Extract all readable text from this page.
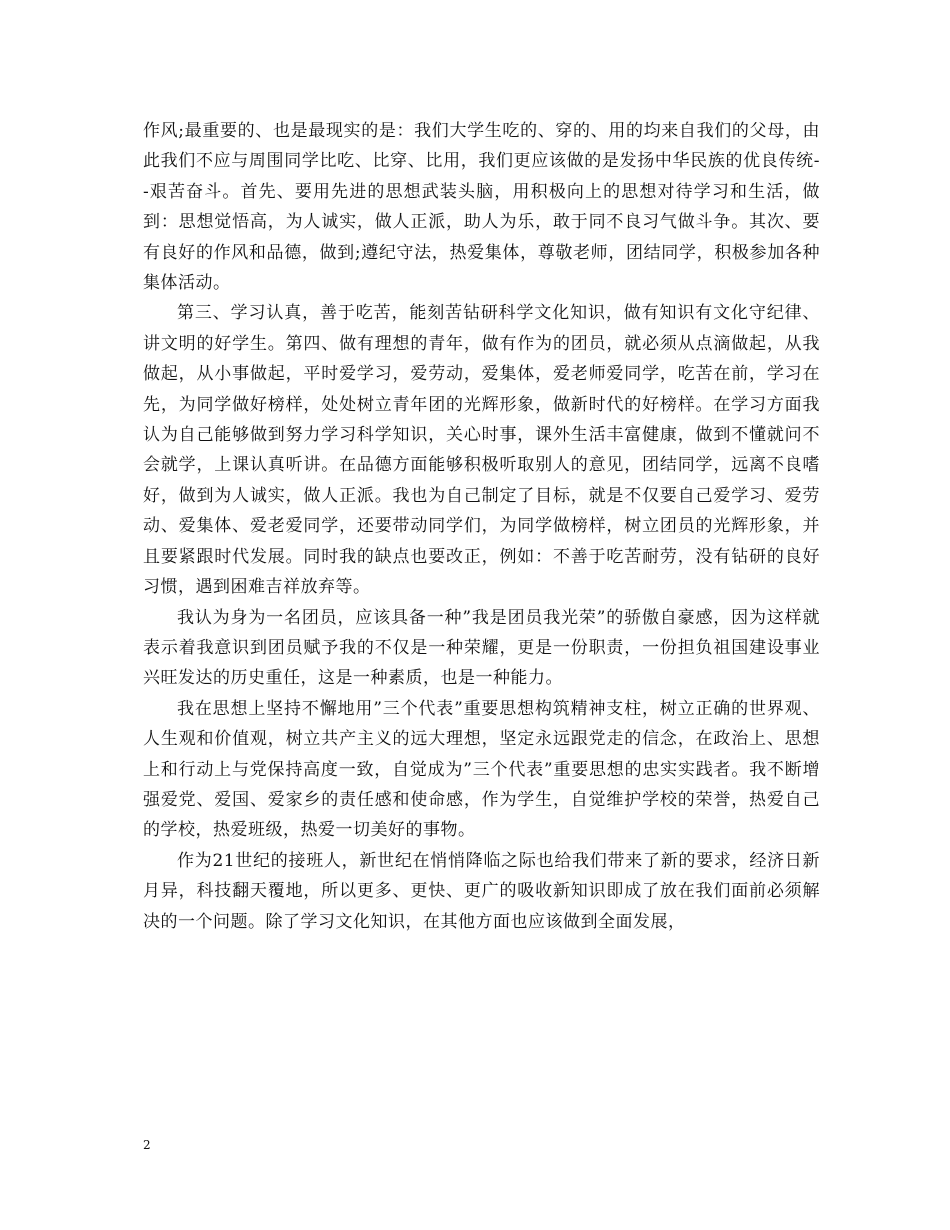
作风;最重要的、也是最现实的是：我们大学生吃的、穿的、用的均来自我们的父母，由此我们不应与周围同学比吃、比穿、比用，我们更应该做的是发扬中华民族的优良传统--艰苦奋斗。首先、要用先进的思想武装头脑，用积极向上的思想对待学习和生活，做到：思想觉悟高，为人诚实，做人正派，助人为乐，敢于同不良习气做斗争。其次、要有良好的作风和品德，做到;遵纪守法，热爱集体，尊敬老师，团结同学，积极参加各种集体活动。

第三、学习认真，善于吃苦，能刻苦钻研科学文化知识，做有知识有文化守纪律、讲文明的好学生。第四、做有理想的青年，做有作为的团员，就必须从点滴做起，从我做起，从小事做起，平时爱学习，爱劳动，爱集体，爱老师爱同学，吃苦在前，学习在先，为同学做好榜样，处处树立青年团的光辉形象，做新时代的好榜样。在学习方面我认为自己能够做到努力学习科学知识，关心时事，课外生活丰富健康，做到不懂就问不会就学，上课认真听讲。在品德方面能够积极听取别人的意见，团结同学，远离不良嗜好，做到为人诚实，做人正派。我也为自己制定了目标，就是不仅要自己爱学习、爱劳动、爱集体、爱老爱同学，还要带动同学们，为同学做榜样，树立团员的光辉形象，并且要紧跟时代发展。同时我的缺点也要改正，例如：不善于吃苦耐劳，没有钻研的良好习惯，遇到困难吉祥放弃等。

我认为身为一名团员，应该具备一种”我是团员我光荣”的骄傲自豪感，因为这样就表示着我意识到团员赋予我的不仅是一种荣耀，更是一份职责，一份担负祖国建设事业兴旺发达的历史重任，这是一种素质，也是一种能力。

我在思想上坚持不懈地用”三个代表”重要思想构筑精神支柱，树立正确的世界观、人生观和价值观，树立共产主义的远大理想，坚定永远跟党走的信念，在政治上、思想上和行动上与党保持高度一致，自觉成为”三个代表”重要思想的忠实实践者。我不断增强爱党、爱国、爱家乡的责任感和使命感，作为学生，自觉维护学校的荣誉，热爱自己的学校，热爱班级，热爱一切美好的事物。

作为21世纪的接班人，新世纪在悄悄降临之际也给我们带来了新的要求，经济日新月异，科技翻天覆地，所以更多、更快、更广的吸收新知识即成了放在我们面前必须解决的一个问题。除了学习文化知识，在其他方面也应该做到全面发展，

2
